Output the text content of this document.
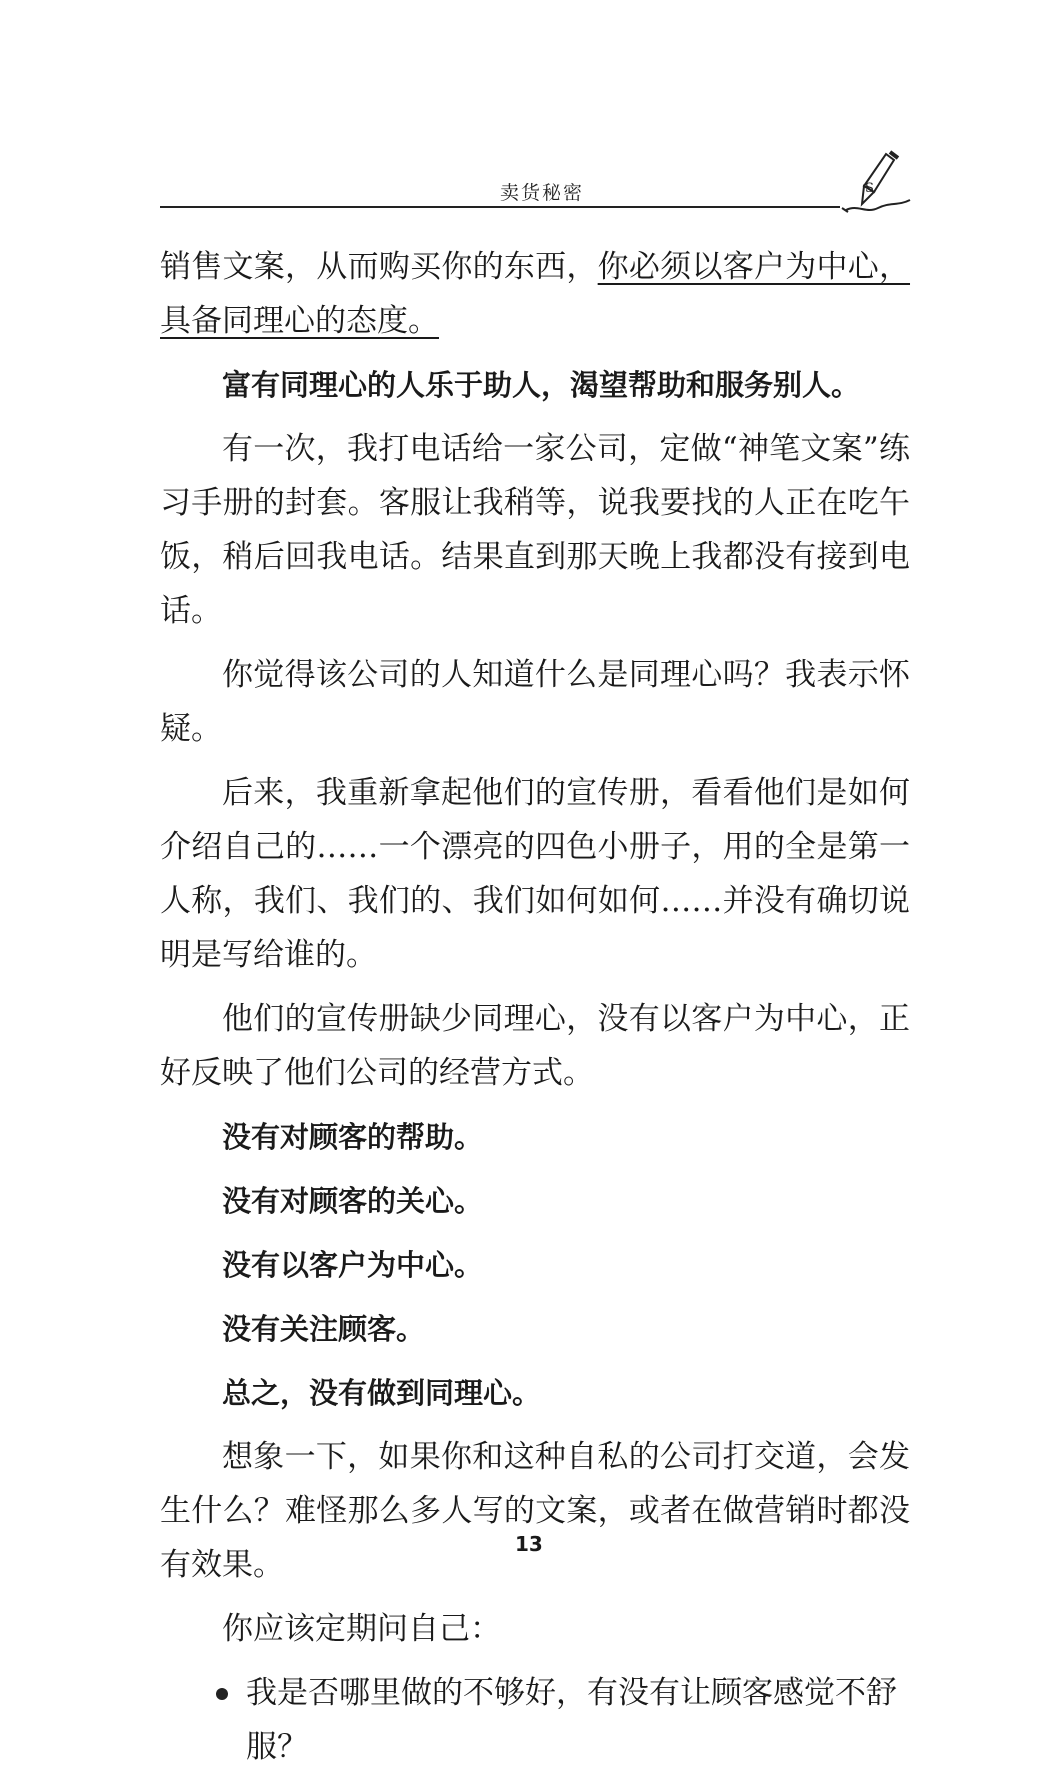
卖货秘密	S

销售文案，从而购买你的东西，你必须以客户为中心，具备同理心的态度。

富有同理心的人乐于助人，渴望帮助和服务别人。

有一次，我打电话给一家公司，定做“神笔文案”练习手册的封套。客服让我稍等，说我要找的人正在吃午饭，稍后回我电话。结果直到那天晚上我都没有接到电话。

你觉得该公司的人知道什么是同理心吗？我表示怀疑。

后来，我重新拿起他们的宣传册，看看他们是如何介绍自己的……一个漂亮的四色小册子，用的全是第一人称，我们、我们的、我们如何如何……并没有确切说明是写给谁的。

他们的宣传册缺少同理心，没有以客户为中心，正好反映了他们公司的经营方式。

没有对顾客的帮助。

没有对顾客的关心。

没有以客户为中心。

没有关注顾客。

总之，没有做到同理心。

想象一下，如果你和这种自私的公司打交道，会发生什么？难怪那么多人写的文案，或者在做营销时都没有效果。

你应该定期问自己：

我是否哪里做的不够好，有没有让顾客感觉不舒服？
13
